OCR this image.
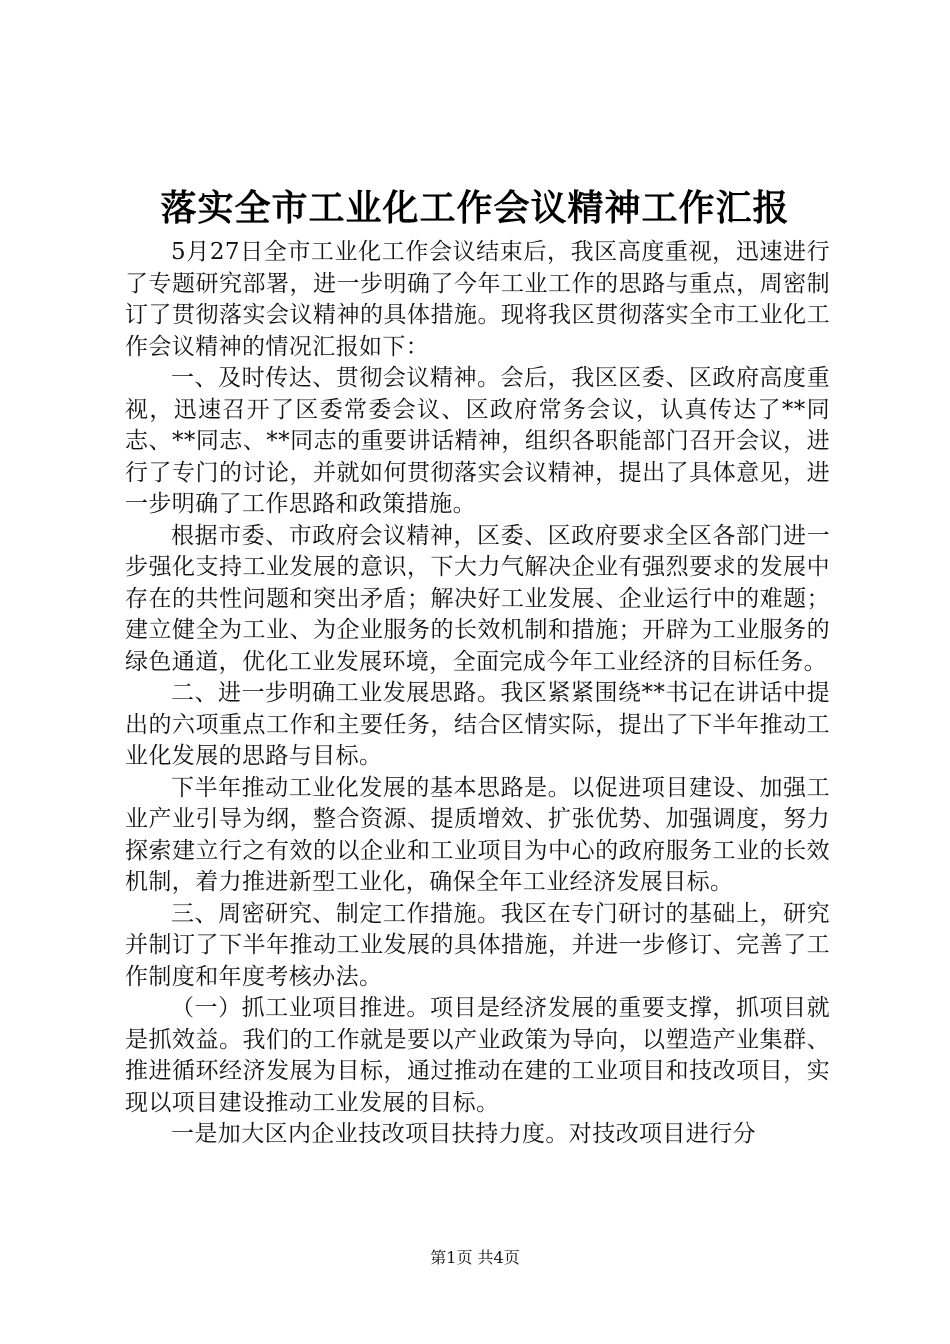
落实全市工业化工作会议精神工作汇报

5月27日全市工业化工作会议结束后，我区高度重视，迅速进行了专题研究部署，进一步明确了今年工业工作的思路与重点，周密制订了贯彻落实会议精神的具体措施。现将我区贯彻落实全市工业化工作会议精神的情况汇报如下：

一、及时传达、贯彻会议精神。会后，我区区委、区政府高度重视，迅速召开了区委常委会议、区政府常务会议，认真传达了**同志、**同志、**同志的重要讲话精神，组织各职能部门召开会议，进行了专门的讨论，并就如何贯彻落实会议精神，提出了具体意见，进一步明确了工作思路和政策措施。

根据市委、市政府会议精神，区委、区政府要求全区各部门进一步强化支持工业发展的意识，下大力气解决企业有强烈要求的发展中存在的共性问题和突出矛盾；解决好工业发展、企业运行中的难题；建立健全为工业、为企业服务的长效机制和措施；开辟为工业服务的绿色通道，优化工业发展环境，全面完成今年工业经济的目标任务。

二、进一步明确工业发展思路。我区紧紧围绕**书记在讲话中提出的六项重点工作和主要任务，结合区情实际，提出了下半年推动工业化发展的思路与目标。

下半年推动工业化发展的基本思路是。以促进项目建设、加强工业产业引导为纲，整合资源、提质增效、扩张优势、加强调度，努力探索建立行之有效的以企业和工业项目为中心的政府服务工业的长效机制，着力推进新型工业化，确保全年工业经济发展目标。

三、周密研究、制定工作措施。我区在专门研讨的基础上，研究并制订了下半年推动工业发展的具体措施，并进一步修订、完善了工作制度和年度考核办法。

（一）抓工业项目推进。项目是经济发展的重要支撑，抓项目就是抓效益。我们的工作就是要以产业政策为导向，以塑造产业集群、推进循环经济发展为目标，通过推动在建的工业项目和技改项目，实现以项目建设推动工业发展的目标。

一是加大区内企业技改项目扶持力度。对技改项目进行分

第1页 共4页
